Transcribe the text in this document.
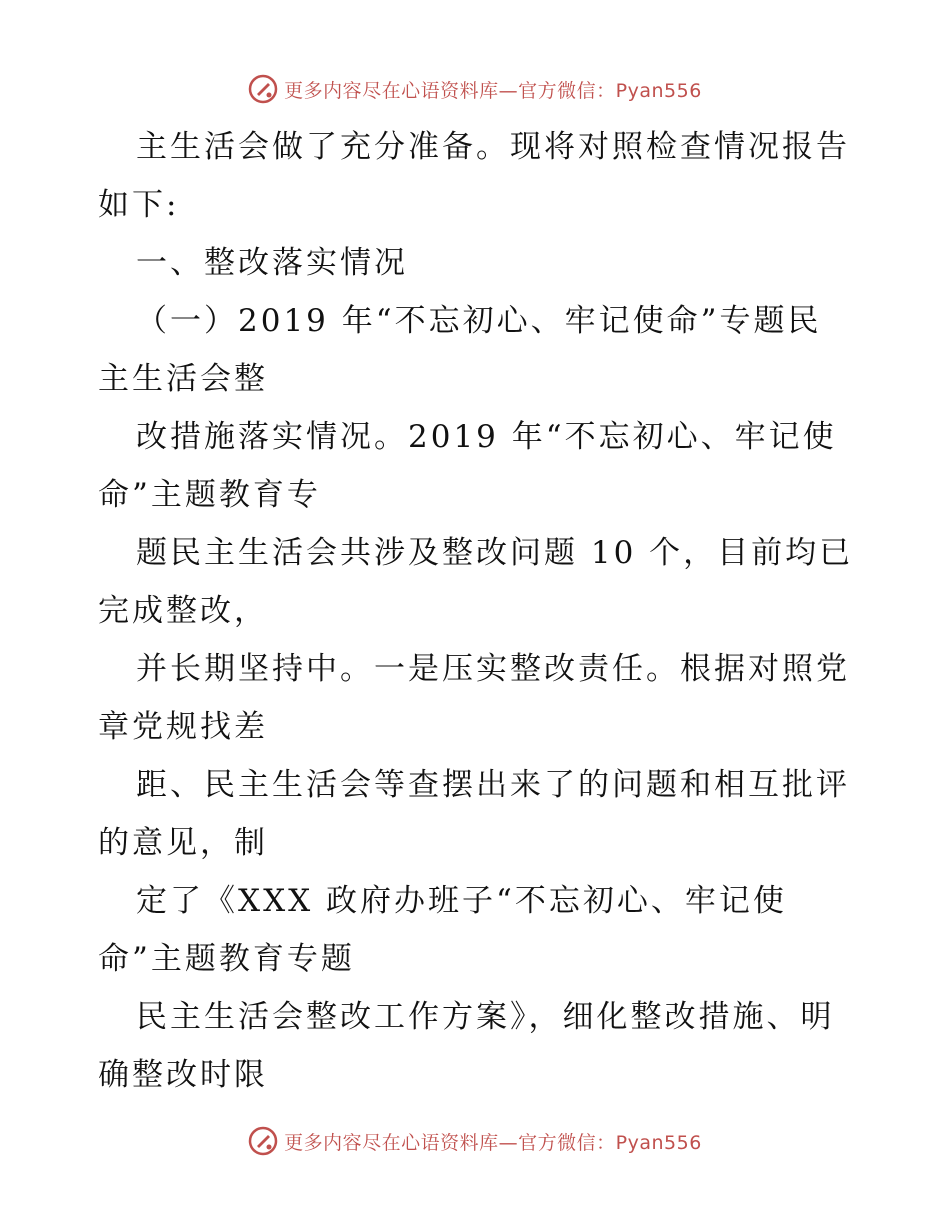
更多内容尽在心语资料库—官方微信：Pyan556
主生活会做了充分准备。现将对照检查情况报告
如下:
一、整改落实情况
（一）2019 年“不忘初心、牢记使命”专题民
主生活会整
改措施落实情况。2019 年“不忘初心、牢记使
命”主题教育专
题民主生活会共涉及整改问题 10 个，目前均已
完成整改，
并长期坚持中。一是压实整改责任。根据对照党
章党规找差
距、民主生活会等查摆出来了的问题和相互批评
的意见，制
定了《XXX 政府办班子“不忘初心、牢记使
命”主题教育专题
民主生活会整改工作方案》，细化整改措施、明
确整改时限
更多内容尽在心语资料库—官方微信：Pyan556
